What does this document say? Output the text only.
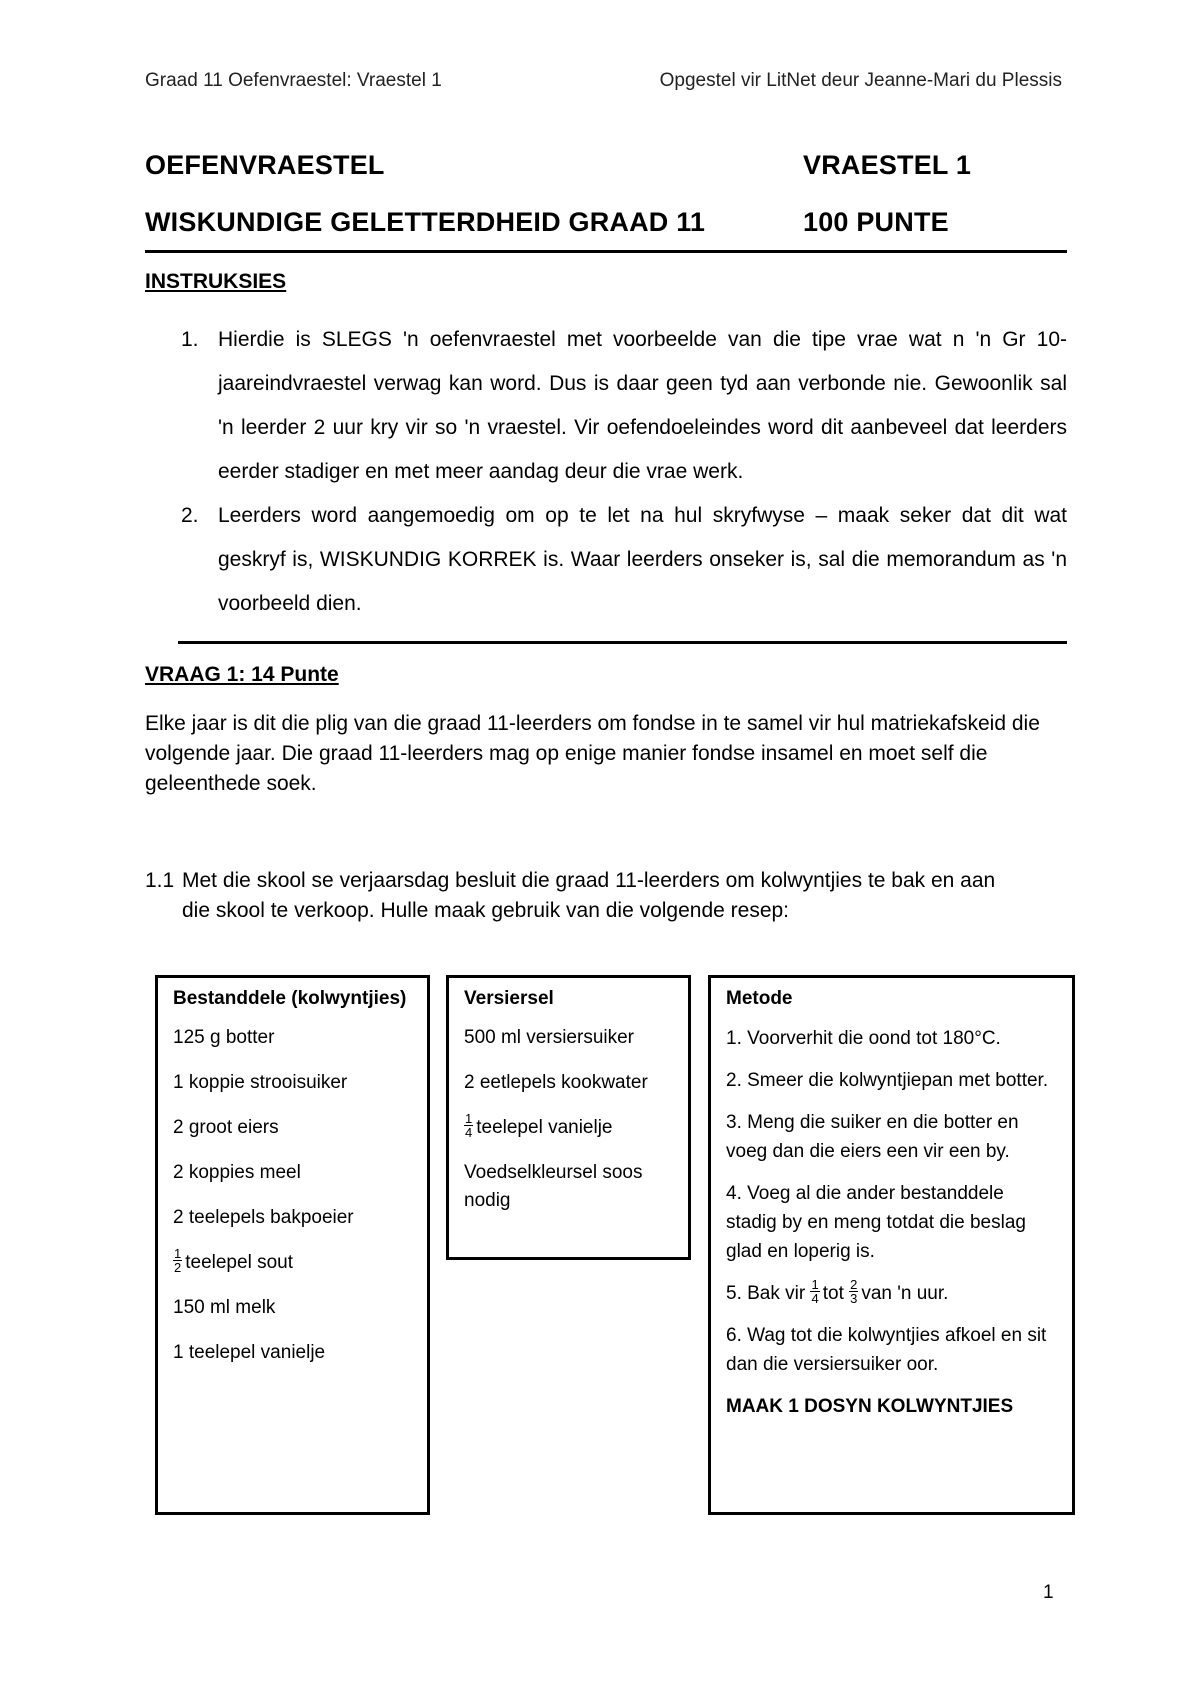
Graad 11 Oefenvraestel: Vraestel 1	Opgestel vir LitNet deur Jeanne-Mari du Plessis
OEFENVRAESTEL	VRAESTEL 1
WISKUNDIGE GELETTERDHEID GRAAD 11	100 PUNTE
INSTRUKSIES
1. Hierdie is SLEGS 'n oefenvraestel met voorbeelde van die tipe vrae wat n 'n Gr 10-jaareindvraestel verwag kan word. Dus is daar geen tyd aan verbonde nie. Gewoonlik sal 'n leerder 2 uur kry vir so 'n vraestel. Vir oefendoeleindes word dit aanbeveel dat leerders eerder stadiger en met meer aandag deur die vrae werk.
2. Leerders word aangemoedig om op te let na hul skryfwyse – maak seker dat dit wat geskryf is, WISKUNDIG KORREK is. Waar leerders onseker is, sal die memorandum as 'n voorbeeld dien.
VRAAG 1: 14 Punte
Elke jaar is dit die plig van die graad 11-leerders om fondse in te samel vir hul matriekafskeid die volgende jaar. Die graad 11-leerders mag op enige manier fondse insamel en moet self die geleenthede soek.
1.1 Met die skool se verjaarsdag besluit die graad 11-leerders om kolwyntjies te bak en aan
die skool te verkoop. Hulle maak gebruik van die volgende resep:
Bestanddele (kolwyntjies)
125 g botter
1 koppie strooisuiker
2 groot eiers
2 koppies meel
2 teelepels bakpoeier
$\frac{1}{2}$ teelepel sout
150 ml melk
1 teelepel vanielje
Versiersel
500 ml versiersuiker
2 eetlepels kookwater
$\frac{1}{4}$ teelepel vanielje
Voedselkleursel soos nodig
Metode
1. Voorverhit die oond tot 180°C.
2. Smeer die kolwyntjiepan met botter.
3. Meng die suiker en die botter en voeg dan die eiers een vir een by.
4. Voeg al die ander bestanddele stadig by en meng totdat die beslag glad en loperig is.
5. Bak vir $\frac{1}{4}$ tot $\frac{2}{3}$ van 'n uur.
6. Wag tot die kolwyntjies afkoel en sit dan die versiersuiker oor.
MAAK 1 DOSYN KOLWYNTJIES
1
